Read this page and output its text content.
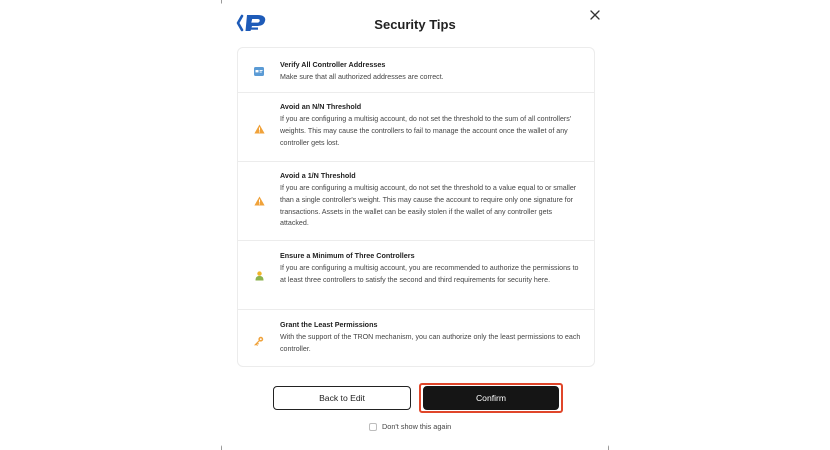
Security Tips
Verify All Controller Addresses
Make sure that all authorized addresses are correct.
Avoid an N/N Threshold
If you are configuring a multisig account, do not set the threshold to the sum of all controllers' weights. This may cause the controllers to fail to manage the account once the wallet of any controller gets lost.
Avoid a 1/N Threshold
If you are configuring a multisig account, do not set the threshold to a value equal to or smaller than a single controller's weight. This may cause the account to require only one signature for transactions. Assets in the wallet can be easily stolen if the wallet of any controller gets attacked.
Ensure a Minimum of Three Controllers
If you are configuring a multisig account, you are recommended to authorize the permissions to at least three controllers to satisfy the second and third requirements for security here.
Grant the Least Permissions
With the support of the TRON mechanism, you can authorize only the least permissions to each controller.
Back to Edit	Confirm
Don't show this again
